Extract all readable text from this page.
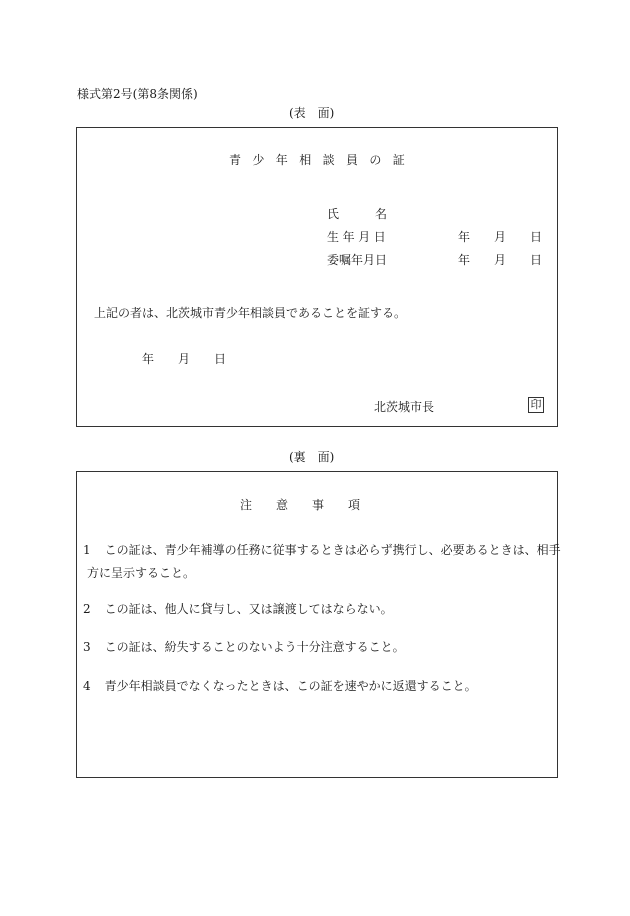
様式第2号(第8条関係)
(表　面)
青少年相談員の証
氏　　　名
生年月日	年　　月　　日
委嘱年月日	年　　月　　日
上記の者は、北茨城市青少年相談員であることを証する。
年　　月　　日
北茨城市長	印
(裏　面)
注　　意　　事　　項
1 この証は、青少年補導の任務に従事するときは必らず携行し、必要あるときは、相手
方に呈示すること。
2 この証は、他人に貸与し、又は譲渡してはならない。
3 この証は、紛失することのないよう十分注意すること。
4 青少年相談員でなくなったときは、この証を速やかに返還すること。
